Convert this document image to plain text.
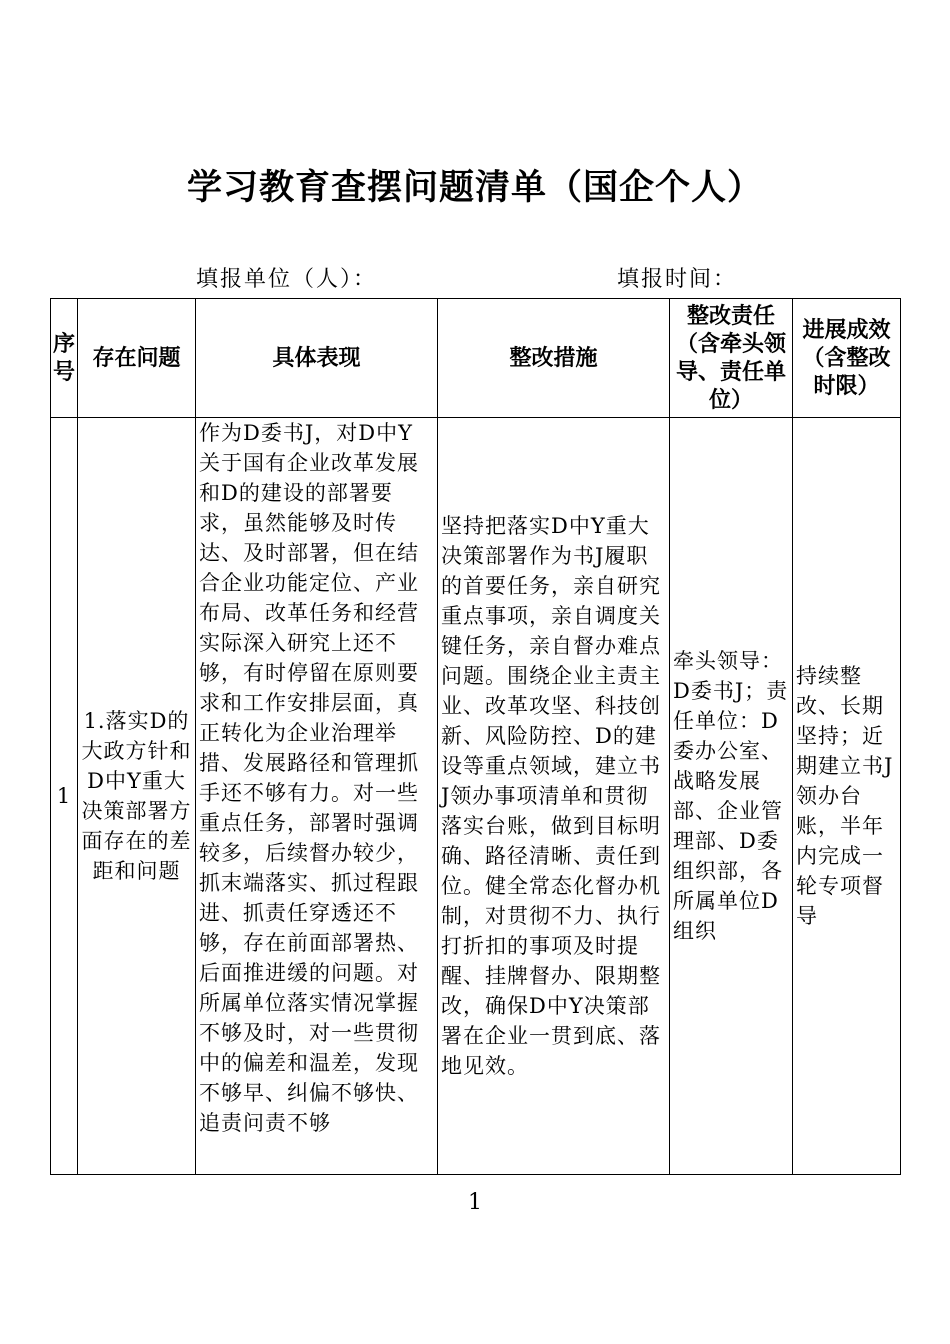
学习教育查摆问题清单（国企个人）
填报单位（人）：	填报时间：
序号	存在问题	具体表现	整改措施	整改责任（含牵头领导、责任单位）	进展成效（含整改时限）

1	1.落实D的大政方针和D中Y重大决策部署方面存在的差距和问题	作为D委书J，对D中Y关于国有企业改革发展和D的建设的部署要求，虽然能够及时传达、及时部署，但在结合企业功能定位、产业布局、改革任务和经营实际深入研究上还不够，有时停留在原则要求和工作安排层面，真正转化为企业治理举措、发展路径和管理抓手还不够有力。对一些重点任务，部署时强调较多，后续督办较少，抓末端落实、抓过程跟进、抓责任穿透还不够，存在前面部署热、后面推进缓的问题。对所属单位落实情况掌握不够及时，对一些贯彻中的偏差和温差，发现不够早、纠偏不够快、追责问责不够	坚持把落实D中Y重大决策部署作为书J履职的首要任务，亲自研究重点事项，亲自调度关键任务，亲自督办难点问题。围绕企业主责主业、改革攻坚、科技创新、风险防控、D的建设等重点领域，建立书J领办事项清单和贯彻落实台账，做到目标明确、路径清晰、责任到位。健全常态化督办机制，对贯彻不力、执行打折扣的事项及时提醒、挂牌督办、限期整改，确保D中Y决策部署在企业一贯到底、落地见效。	牵头领导：D委书J；责任单位：D委办公室、战略发展部、企业管理部、D委组织部，各所属单位D组织	持续整改、长期坚持；近期建立书J领办台账，半年内完成一轮专项督导
1
